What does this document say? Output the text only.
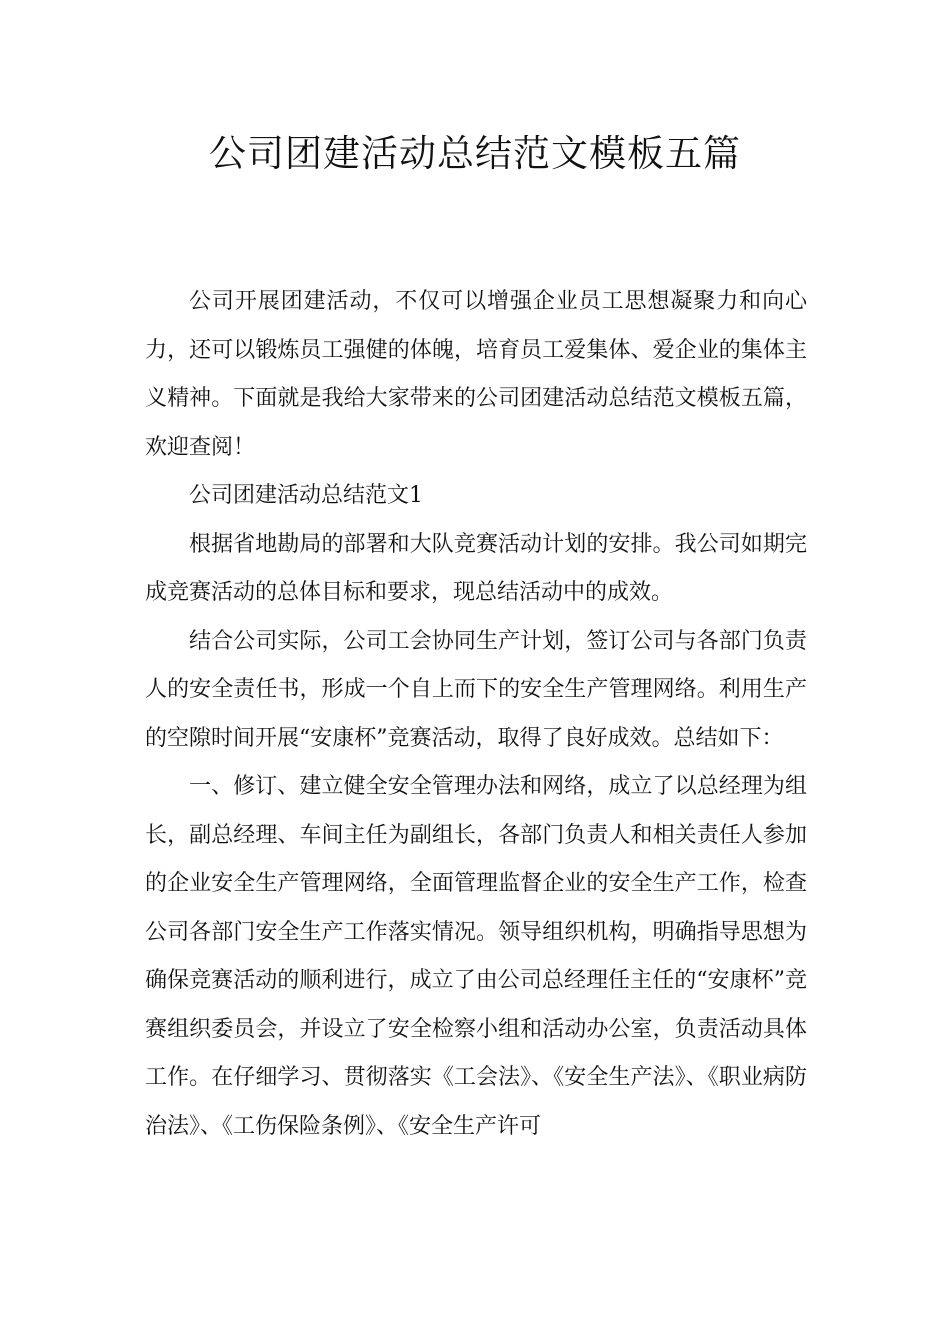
公司团建活动总结范文模板五篇

公司开展团建活动，不仅可以增强企业员工思想凝聚力和向心力，还可以锻炼员工强健的体魄，培育员工爱集体、爱企业的集体主义精神。下面就是我给大家带来的公司团建活动总结范文模板五篇，欢迎查阅！

公司团建活动总结范文1

根据省地勘局的部署和大队竞赛活动计划的安排。我公司如期完成竞赛活动的总体目标和要求，现总结活动中的成效。

结合公司实际，公司工会协同生产计划，签订公司与各部门负责人的安全责任书，形成一个自上而下的安全生产管理网络。利用生产的空隙时间开展“安康杯”竞赛活动，取得了良好成效。总结如下：

一、修订、建立健全安全管理办法和网络，成立了以总经理为组长，副总经理、车间主任为副组长，各部门负责人和相关责任人参加的企业安全生产管理网络，全面管理监督企业的安全生产工作，检查公司各部门安全生产工作落实情况。领导组织机构，明确指导思想为确保竞赛活动的顺利进行，成立了由公司总经理任主任的“安康杯”竞赛组织委员会，并设立了安全检察小组和活动办公室，负责活动具体工作。在仔细学习、贯彻落实《工会法》、《安全生产法》、《职业病防治法》、《工伤保险条例》、《安全生产许可
